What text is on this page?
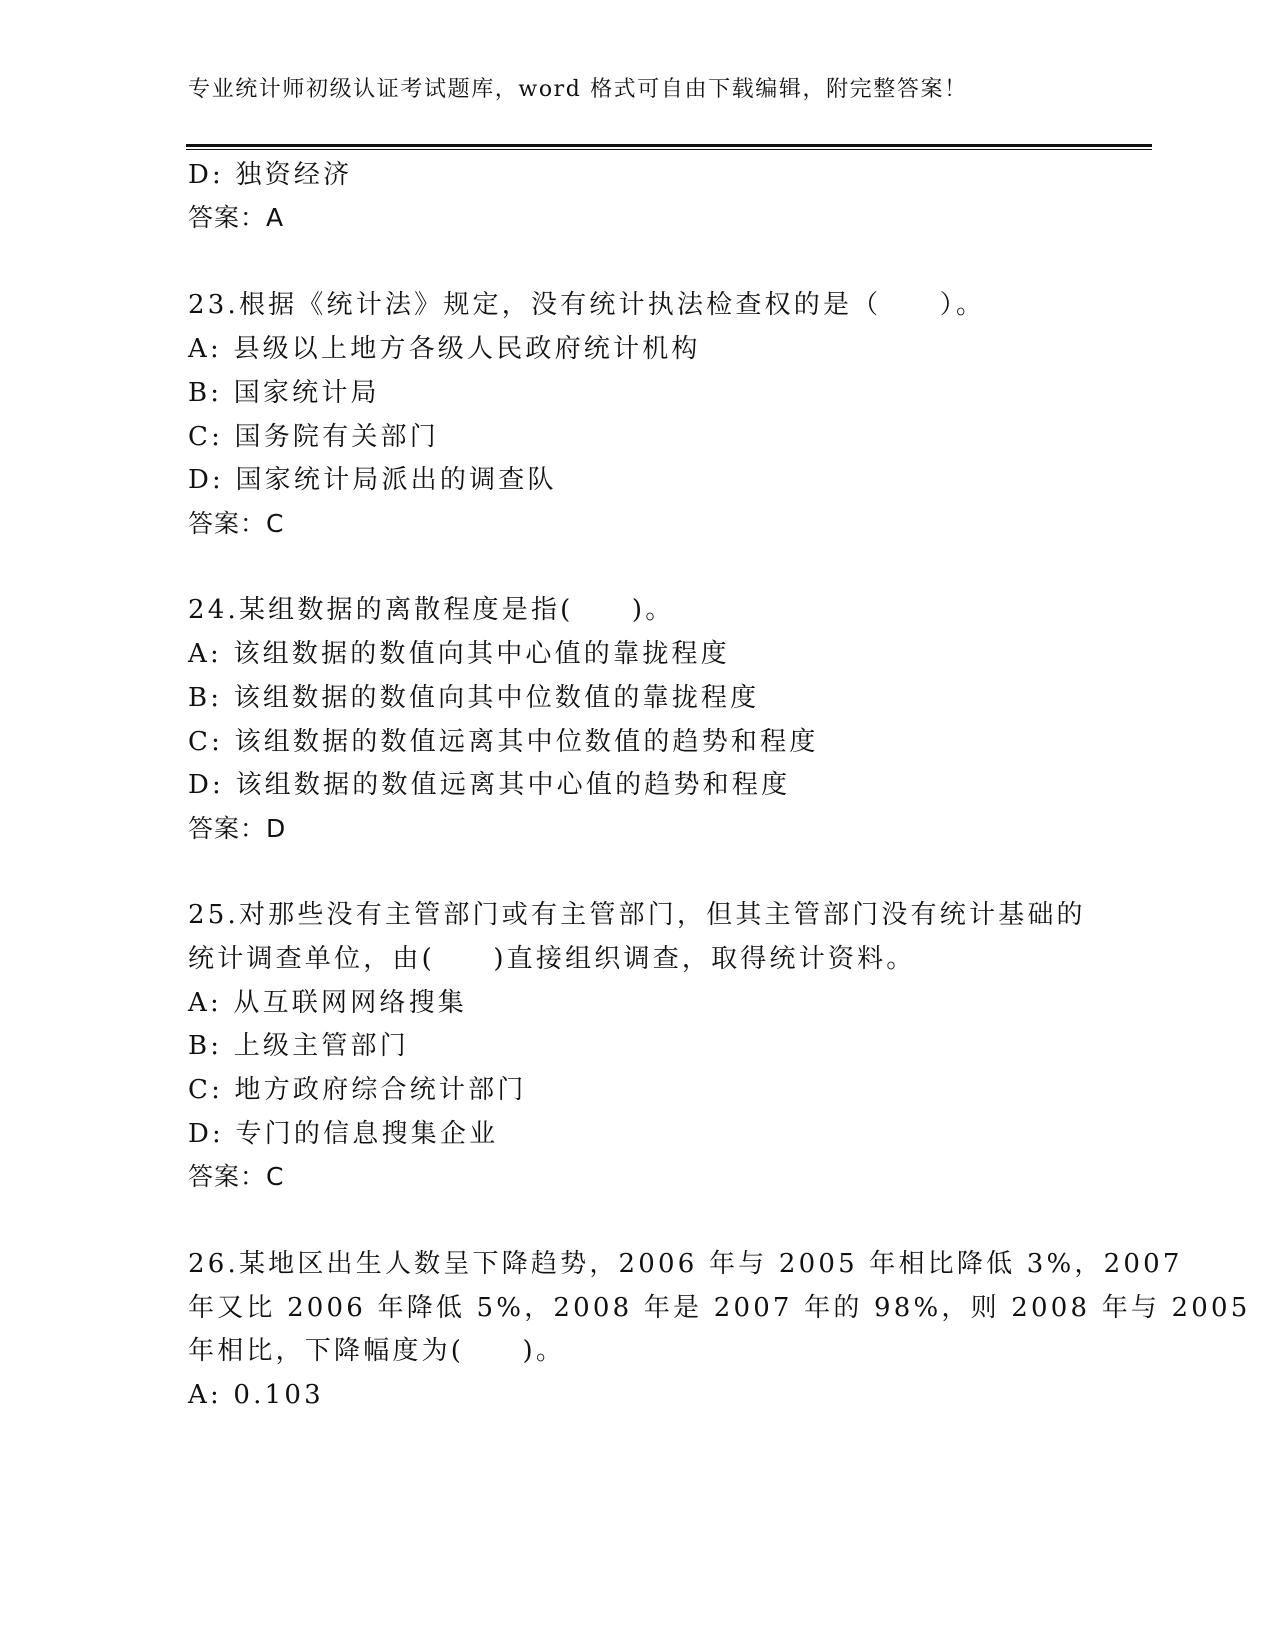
专业统计师初级认证考试题库，word 格式可自由下载编辑，附完整答案！
D: 独资经济
答案：A
23.根据《统计法》规定，没有统计执法检查权的是（　　）。
A: 县级以上地方各级人民政府统计机构
B: 国家统计局
C: 国务院有关部门
D: 国家统计局派出的调查队
答案：C
24.某组数据的离散程度是指(　　)。
A: 该组数据的数值向其中心值的靠拢程度
B: 该组数据的数值向其中位数值的靠拢程度
C: 该组数据的数值远离其中位数值的趋势和程度
D: 该组数据的数值远离其中心值的趋势和程度
答案：D
25.对那些没有主管部门或有主管部门，但其主管部门没有统计基础的
统计调查单位，由(　　)直接组织调查，取得统计资料。
A: 从互联网网络搜集
B: 上级主管部门
C: 地方政府综合统计部门
D: 专门的信息搜集企业
答案：C
26.某地区出生人数呈下降趋势，2006 年与 2005 年相比降低 3%，2007
年又比 2006 年降低 5%，2008 年是 2007 年的 98%，则 2008 年与 2005
年相比，下降幅度为(　　)。
A: 0.103
